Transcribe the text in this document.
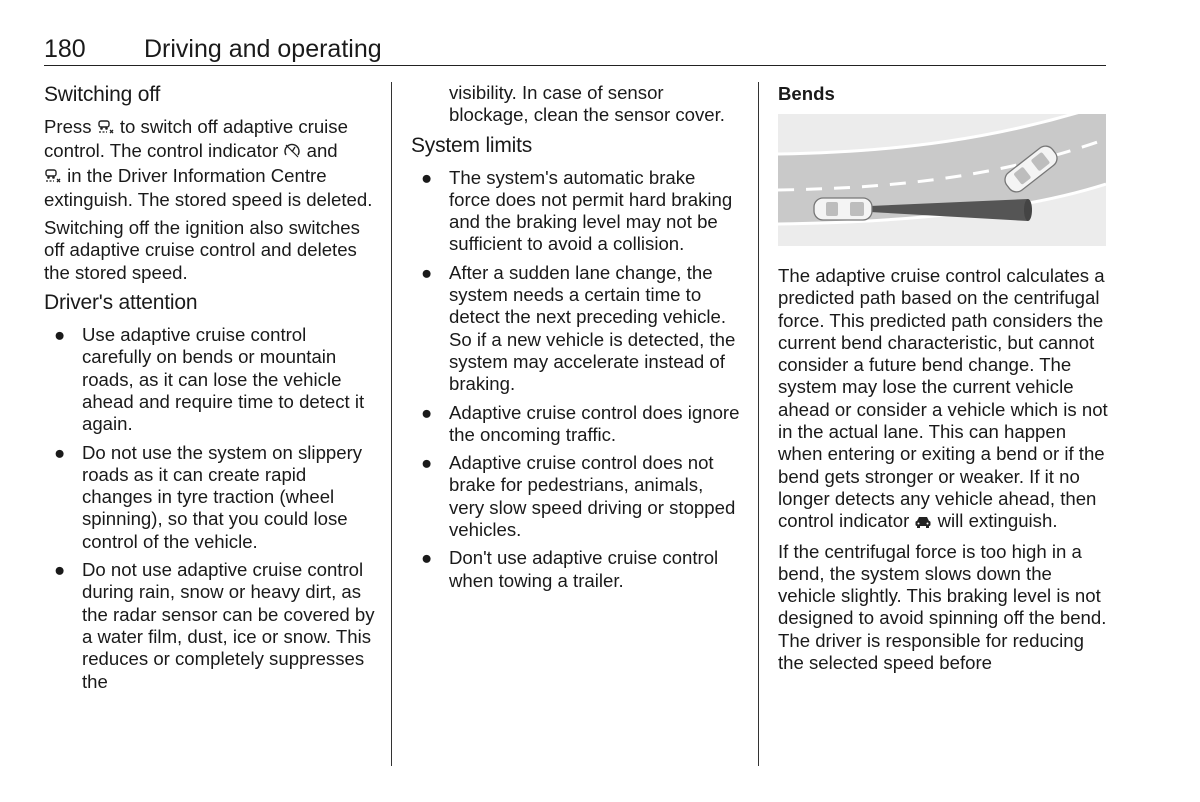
180 Driving and operating
Switching off

Press to switch off adaptive cruise control. The control indicator and
in the Driver Information Centre extinguish. The stored speed is deleted.

Switching off the ignition also switches off adaptive cruise control and deletes the stored speed.

Driver's attention
● Use adaptive cruise control carefully on bends or mountain roads, as it can lose the vehicle ahead and require time to detect it again.
● Do not use the system on slippery roads as it can create rapid changes in tyre traction (wheel spinning), so that you could lose control of the vehicle.
● Do not use adaptive cruise control during rain, snow or heavy dirt, as the radar sensor can be covered by a water film, dust, ice or snow. This reduces or completely suppresses the

visibility. In case of sensor blockage, clean the sensor cover.

System limits
● The system's automatic brake force does not permit hard braking and the braking level may not be sufficient to avoid a collision.
● After a sudden lane change, the system needs a certain time to detect the next preceding vehicle. So if a new vehicle is detected, the system may accelerate instead of braking.
● Adaptive cruise control does ignore the oncoming traffic.
● Adaptive cruise control does not brake for pedestrians, animals, very slow speed driving or stopped vehicles.
● Don't use adaptive cruise control when towing a trailer.
Bends

The adaptive cruise control calculates a predicted path based on the centrifugal force. This predicted path considers the current bend characteristic, but cannot consider a future bend change. The system may lose the current vehicle ahead or consider a vehicle which is not in the actual lane. This can happen when entering or exiting a bend or if the bend gets stronger or weaker. If it no longer detects any vehicle ahead, then control indicator will extinguish.

If the centrifugal force is too high in a bend, the system slows down the vehicle slightly. This braking level is not designed to avoid spinning off the bend. The driver is responsible for reducing the selected speed before
